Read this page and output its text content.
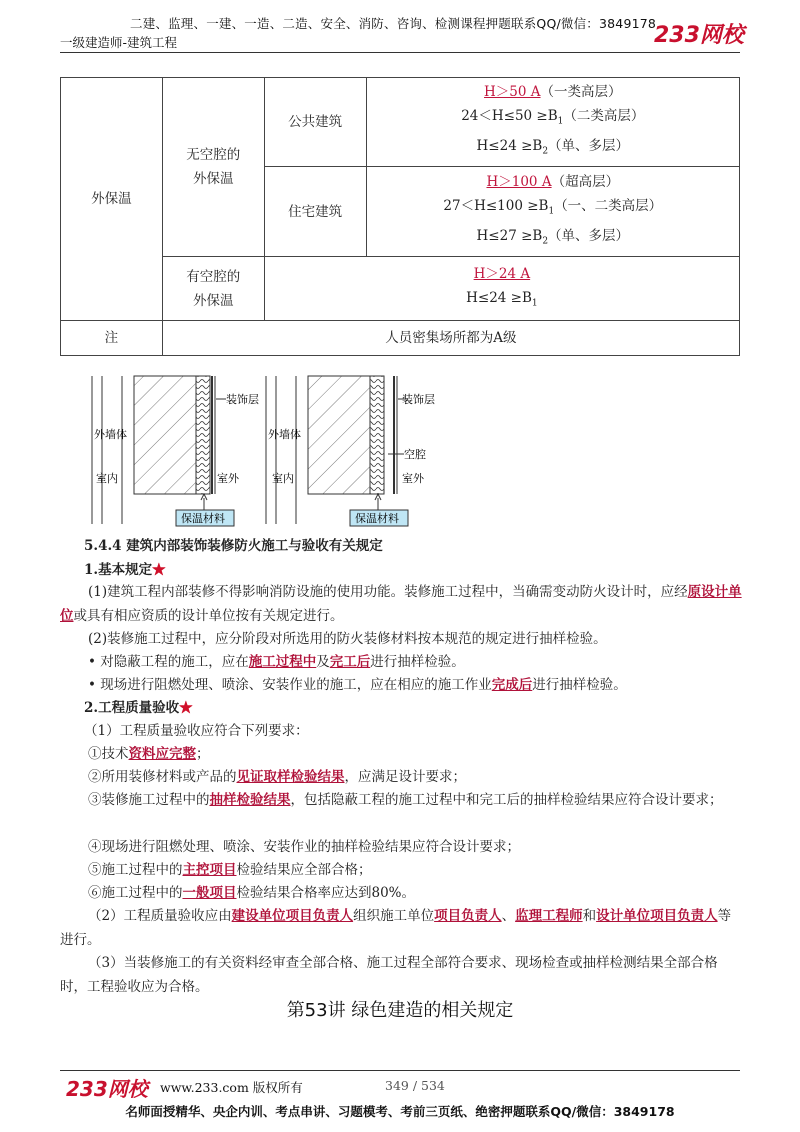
二建、监理、一建、一造、二造、安全、消防、咨询、检测课程押题联系QQ/微信：3849178
一级建造师-建筑工程	233网校
外保温	无空腔的外保温	公共建筑	H＞50 A（一类高层）
$24<H\le 50 \ge B_1$（二类高层）
$H\le 24 \ge B_2$（单、多层）

		住宅建筑	H＞100 A（超高层）
$27<H\le 100 \ge B_1$（一、二类高层）
$H\le 27 \ge B_2$（单、多层）

	有空腔的外保温	H＞24 A
$H\le 24 \ge B_1$

注	人员密集场所都为A级		
装饰层
外墙体
室内	室外
保温材料
装饰层
外墙体
空腔
室内	室外
保温材料
5.4.4 建筑内部装饰装修防火施工与验收有关规定
1.基本规定★
(1)建筑工程内部装修不得影响消防设施的使用功能。装修施工过程中，当确需变动防火设计时，应经原设计单位或具有相应资质的设计单位按有关规定进行。
(2)装修施工过程中，应分阶段对所选用的防火装修材料按本规范的规定进行抽样检验。
• 对隐蔽工程的施工，应在施工过程中及完工后进行抽样检验。
• 现场进行阻燃处理、喷涂、安装作业的施工，应在相应的施工作业完成后进行抽样检验。
2.工程质量验收★
（1）工程质量验收应符合下列要求：
①技术资料应完整；
②所用装修材料或产品的见证取样检验结果，应满足设计要求；
③装修施工过程中的抽样检验结果，包括隐蔽工程的施工过程中和完工后的抽样检验结果应符合设计要求；
④现场进行阻燃处理、喷涂、安装作业的抽样检验结果应符合设计要求；
⑤施工过程中的主控项目检验结果应全部合格；
⑥施工过程中的一般项目检验结果合格率应达到80%。
（2）工程质量验收应由建设单位项目负责人组织施工单位项目负责人、监理工程师和设计单位项目负责人等进行。
（3）当装修施工的有关资料经审查全部合格、施工过程全部符合要求、现场检查或抽样检测结果全部合格时，工程验收应为合格。
第53讲 绿色建造的相关规定
233网校 www.233.com 版权所有	349 / 534
名师面授精华、央企内训、考点串讲、习题模考、考前三页纸、绝密押题联系QQ/微信：3849178
